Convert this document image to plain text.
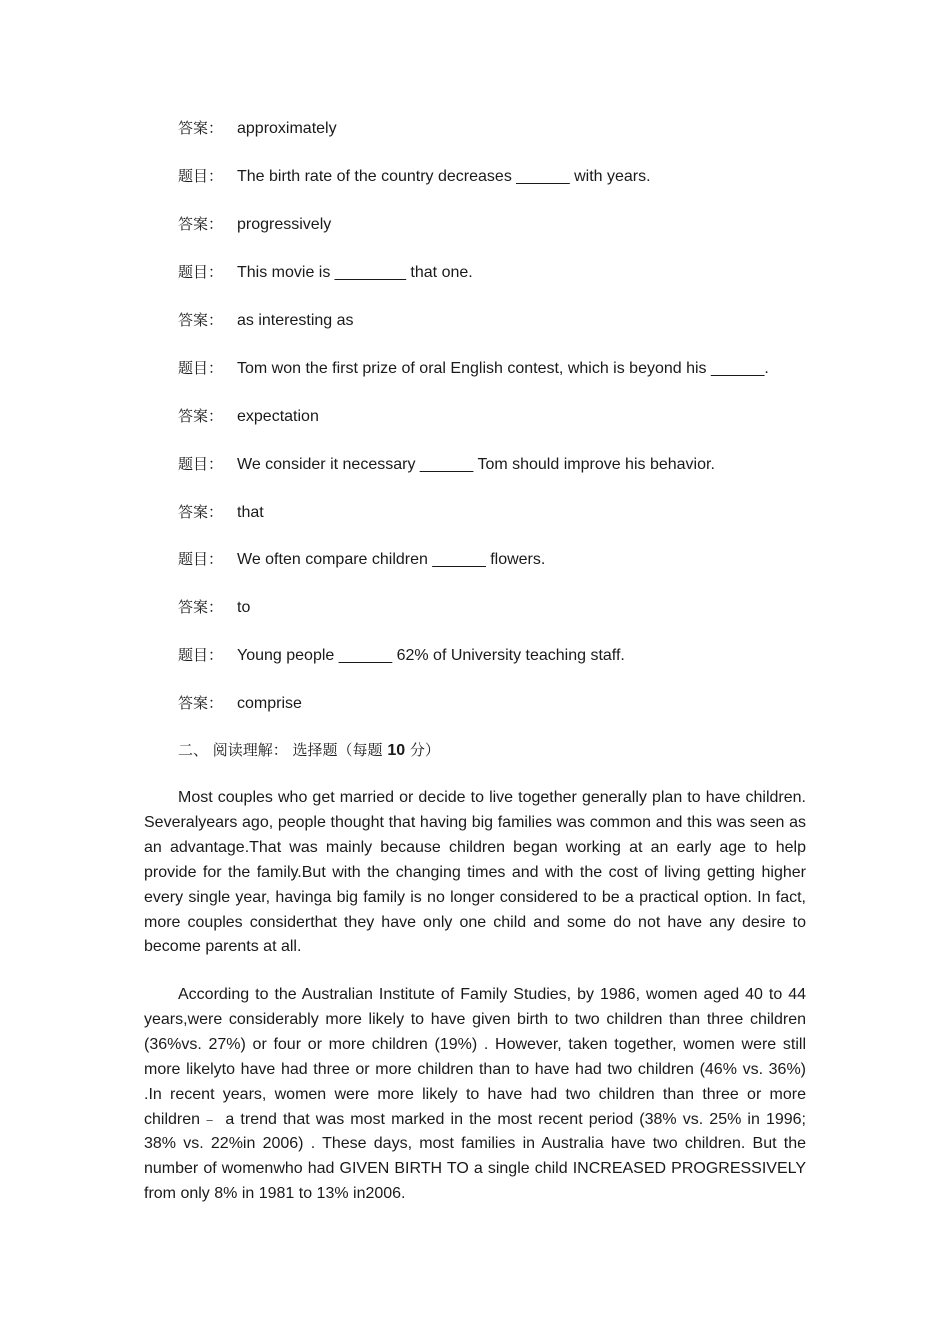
答案： approximately
题目： The birth rate of the country decreases ______ with years.
答案： progressively
题目： This movie is ________ that one.
答案： as interesting as
题目： Tom won the first prize of oral English contest, which is beyond his ______.
答案： expectation
题目： We consider it necessary ______ Tom should improve his behavior.
答案： that
题目： We often compare children ______ flowers.
答案： to
题目： Young people ______ 62% of University teaching staff.
答案： comprise
二、 阅读理解： 选择题（每题 10 分）

Most couples who get married or decide to live together generally plan to have children. Severalyears ago, people thought that having big families was common and this was seen as an advantage.That was mainly because children began working at an early age to help provide for the family.But with the changing times and with the cost of living getting higher every single year, havinga big family is no longer considered to be a practical option. In fact, more couples considerthat they have only one child and some do not have any desire to become parents at all.

According to the Australian Institute of Family Studies, by 1986, women aged 40 to 44 years,were considerably more likely to have given birth to two children than three children (36%vs. 27%) or four or more children (19%) . However, taken together, women were still more likelyto have had three or more children than to have had two children (46% vs. 36%) .In recent years, women were more likely to have had two children than three or more children﹣ a trend that was most marked in the most recent period (38% vs. 25% in 1996; 38% vs. 22%in 2006) . These days, most families in Australia have two children. But the number of womenwho had GIVEN BIRTH TO a single child INCREASED PROGRESSIVELY from only 8% in 1981 to 13% in2006.
